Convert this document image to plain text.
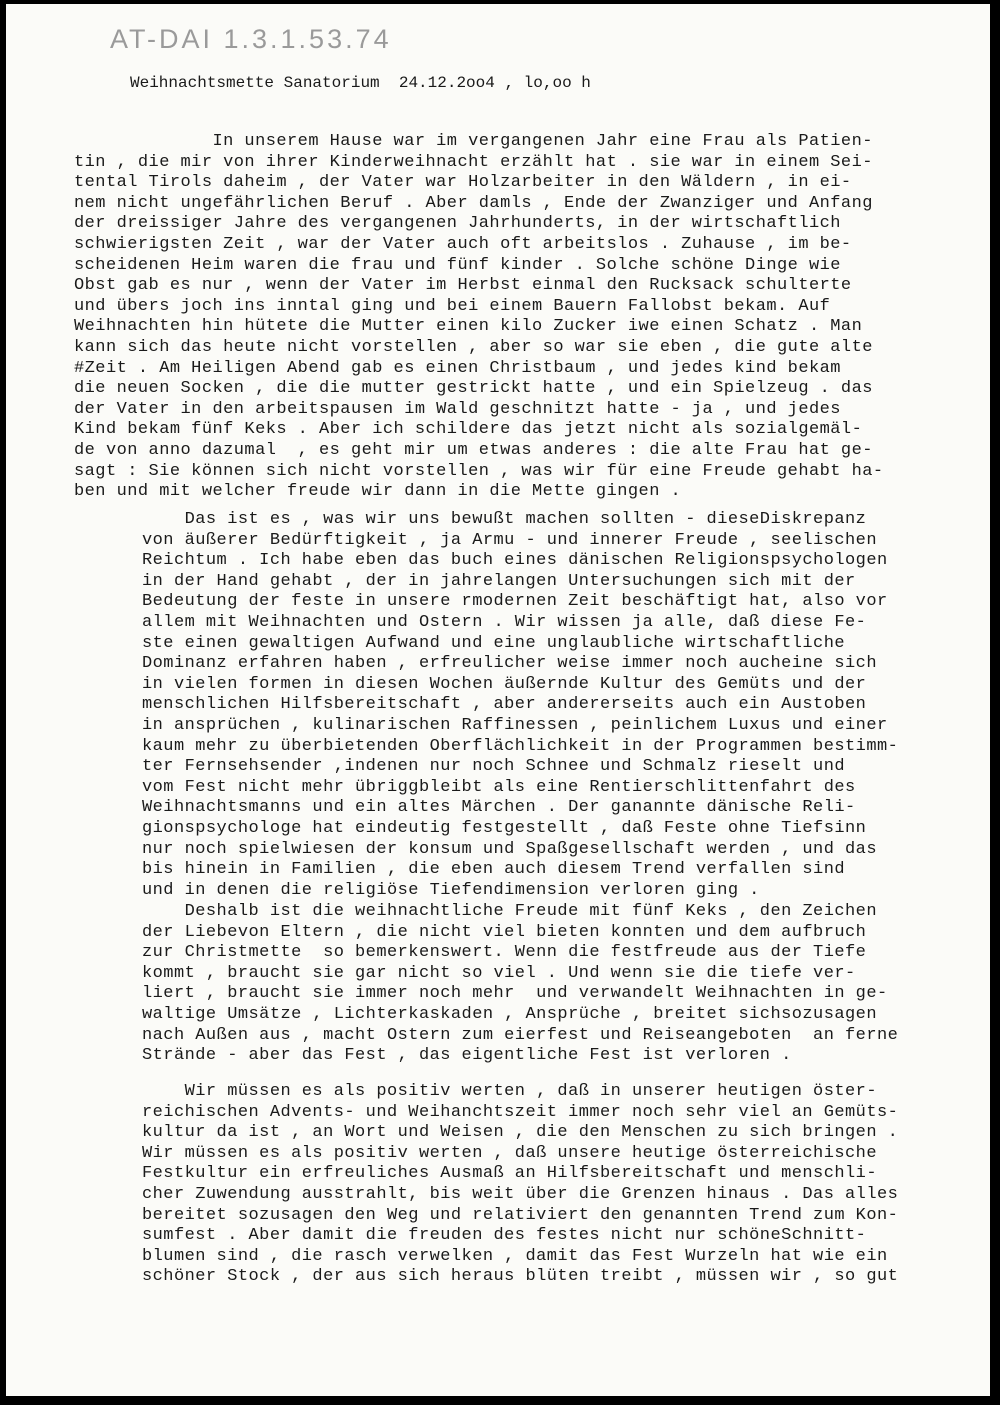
AT-DAI 1.3.1.53.74
Weihnachtsmette Sanatorium  24.12.2oo4 , lo,oo h

In unserem Hause war im vergangenen Jahr eine Frau als Patien-
tin , die mir von ihrer Kinderweihnacht erzählt hat . sie war in einem Sei-
tental Tirols daheim , der Vater war Holzarbeiter in den Wäldern , in ei-
nem nicht ungefährlichen Beruf . Aber damls , Ende der Zwanziger und Anfang
der dreissiger Jahre des vergangenen Jahrhunderts, in der wirtschaftlich
schwierigsten Zeit , war der Vater auch oft arbeitslos . Zuhause , im be-
scheidenen Heim waren die frau und fünf kinder . Solche schöne Dinge wie
Obst gab es nur , wenn der Vater im Herbst einmal den Rucksack schulterte
und übers joch ins inntal ging und bei einem Bauern Fallobst bekam. Auf
Weihnachten hin hütete die Mutter einen kilo Zucker iwe einen Schatz . Man
kann sich das heute nicht vorstellen , aber so war sie eben , die gute alte
#Zeit . Am Heiligen Abend gab es einen Christbaum , und jedes kind bekam
die neuen Socken , die die mutter gestrickt hatte , und ein Spielzeug . das
der Vater in den arbeitspausen im Wald geschnitzt hatte - ja , und jedes
Kind bekam fünf Keks . Aber ich schildere das jetzt nicht als sozialgemäl-
de von anno dazumal  , es geht mir um etwas anderes : die alte Frau hat ge-
sagt : Sie können sich nicht vorstellen , was wir für eine Freude gehabt ha-
ben und mit welcher freude wir dann in die Mette gingen .

Das ist es , was wir uns bewußt machen sollten - dieseDiskrepanz
von äußerer Bedürftigkeit , ja Armu - und innerer Freude , seelischen
Reichtum . Ich habe eben das buch eines dänischen Religionspsychologen
in der Hand gehabt , der in jahrelangen Untersuchungen sich mit der
Bedeutung der feste in unsere rmodernen Zeit beschäftigt hat, also vor
allem mit Weihnachten und Ostern . Wir wissen ja alle, daß diese Fe-
ste einen gewaltigen Aufwand und eine unglaubliche wirtschaftliche
Dominanz erfahren haben , erfreulicher weise immer noch aucheine sich
in vielen formen in diesen Wochen äußernde Kultur des Gemüts und der
menschlichen Hilfsbereitschaft , aber andererseits auch ein Austoben
in ansprüchen , kulinarischen Raffinessen , peinlichem Luxus und einer
kaum mehr zu überbietenden Oberflächlichkeit in der Programmen bestimm-
ter Fernsehsender ,indenen nur noch Schnee und Schmalz rieselt und
vom Fest nicht mehr übriggbleibt als eine Rentierschlittenfahrt des
Weihnachtsmanns und ein altes Märchen . Der ganannte dänische Reli-
gionspsychologe hat eindeutig festgestellt , daß Feste ohne Tiefsinn
nur noch spielwiesen der konsum und Spaßgesellschaft werden , und das
bis hinein in Familien , die eben auch diesem Trend verfallen sind
und in denen die religiöse Tiefendimension verloren ging .

Deshalb ist die weihnachtliche Freude mit fünf Keks , den Zeichen
der Liebevon Eltern , die nicht viel bieten konnten und dem aufbruch
zur Christmette  so bemerkenswert. Wenn die festfreude aus der Tiefe
kommt , braucht sie gar nicht so viel . Und wenn sie die tiefe ver-
liert , braucht sie immer noch mehr  und verwandelt Weihnachten in ge-
waltige Umsätze , Lichterkaskaden , Ansprüche , breitet sichsozusagen
nach Außen aus , macht Ostern zum eierfest und Reiseangeboten  an ferne
Strände - aber das Fest , das eigentliche Fest ist verloren .

Wir müssen es als positiv werten , daß in unserer heutigen öster-
reichischen Advents- und Weihanchtszeit immer noch sehr viel an Gemüts-
kultur da ist , an Wort und Weisen , die den Menschen zu sich bringen .
Wir müssen es als positiv werten , daß unsere heutige österreichische
Festkultur ein erfreuliches Ausmaß an Hilfsbereitschaft und menschli-
cher Zuwendung ausstrahlt, bis weit über die Grenzen hinaus . Das alles
bereitet sozusagen den Weg und relativiert den genannten Trend zum Kon-
sumfest . Aber damit die freuden des festes nicht nur schöneSchnitt-
blumen sind , die rasch verwelken , damit das Fest Wurzeln hat wie ein
schöner Stock , der aus sich heraus blüten treibt , müssen wir , so gut
